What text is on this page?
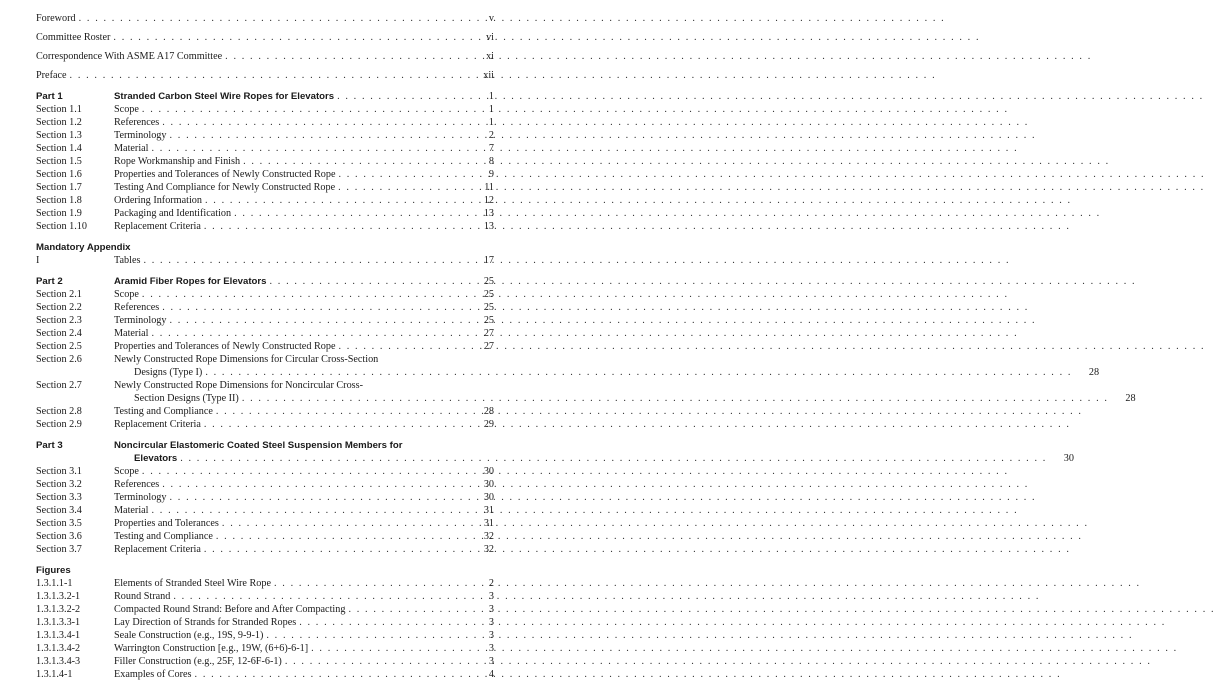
Foreword . . .	v
Committee Roster . . .	vi
Correspondence With ASME A17 Committee . . .	xi
Preface . . .	xii
Part 1	Stranded Carbon Steel Wire Ropes for Elevators . . .	1
Section 1.1	Scope . . .	1
Section 1.2	References . . .	1
Section 1.3	Terminology . . .	2
Section 1.4	Material . . .	7
Section 1.5	Rope Workmanship and Finish . . .	8
Section 1.6	Properties and Tolerances of Newly Constructed Rope . . .	9
Section 1.7	Testing And Compliance for Newly Constructed Rope . . .	11
Section 1.8	Ordering Information . . .	12
Section 1.9	Packaging and Identification . . .	13
Section 1.10	Replacement Criteria . . .	13
Mandatory Appendix
I	Tables . . .	17
Part 2	Aramid Fiber Ropes for Elevators . . .	25
Section 2.1	Scope . . .	25
Section 2.2	References . . .	25
Section 2.3	Terminology . . .	25
Section 2.4	Material . . .	27
Section 2.5	Properties and Tolerances of Newly Constructed Rope . . .	27
Section 2.6	Newly Constructed Rope Dimensions for Circular Cross-Section
Designs (Type I) . . .	28
Section 2.7	Newly Constructed Rope Dimensions for Noncircular Cross-
Section Designs (Type II) . . .	28
Section 2.8	Testing and Compliance . . .	28
Section 2.9	Replacement Criteria . . .	29
Part 3	Noncircular Elastomeric Coated Steel Suspension Members for
Elevators . . .	30
Section 3.1	Scope . . .	30
Section 3.2	References . . .	30
Section 3.3	Terminology . . .	30
Section 3.4	Material . . .	31
Section 3.5	Properties and Tolerances . . .	31
Section 3.6	Testing and Compliance . . .	32
Section 3.7	Replacement Criteria . . .	32
Figures
1.3.1.1-1	Elements of Stranded Steel Wire Rope . . .	2
1.3.1.3.2-1	Round Strand . . .	3
1.3.1.3.2-2	Compacted Round Strand: Before and After Compacting . . .	3
1.3.1.3.3-1	Lay Direction of Strands for Stranded Ropes . . .	3
1.3.1.3.4-1	Seale Construction (e.g., 19S, 9-9-1) . . .	3
1.3.1.3.4-2	Warrington Construction [e.g., 19W, (6+6)-6-1] . . .	3
1.3.1.3.4-3	Filler Construction (e.g., 25F, 12-6F-6-1) . . .	3
1.3.1.4-1	Examples of Cores . . .	4
